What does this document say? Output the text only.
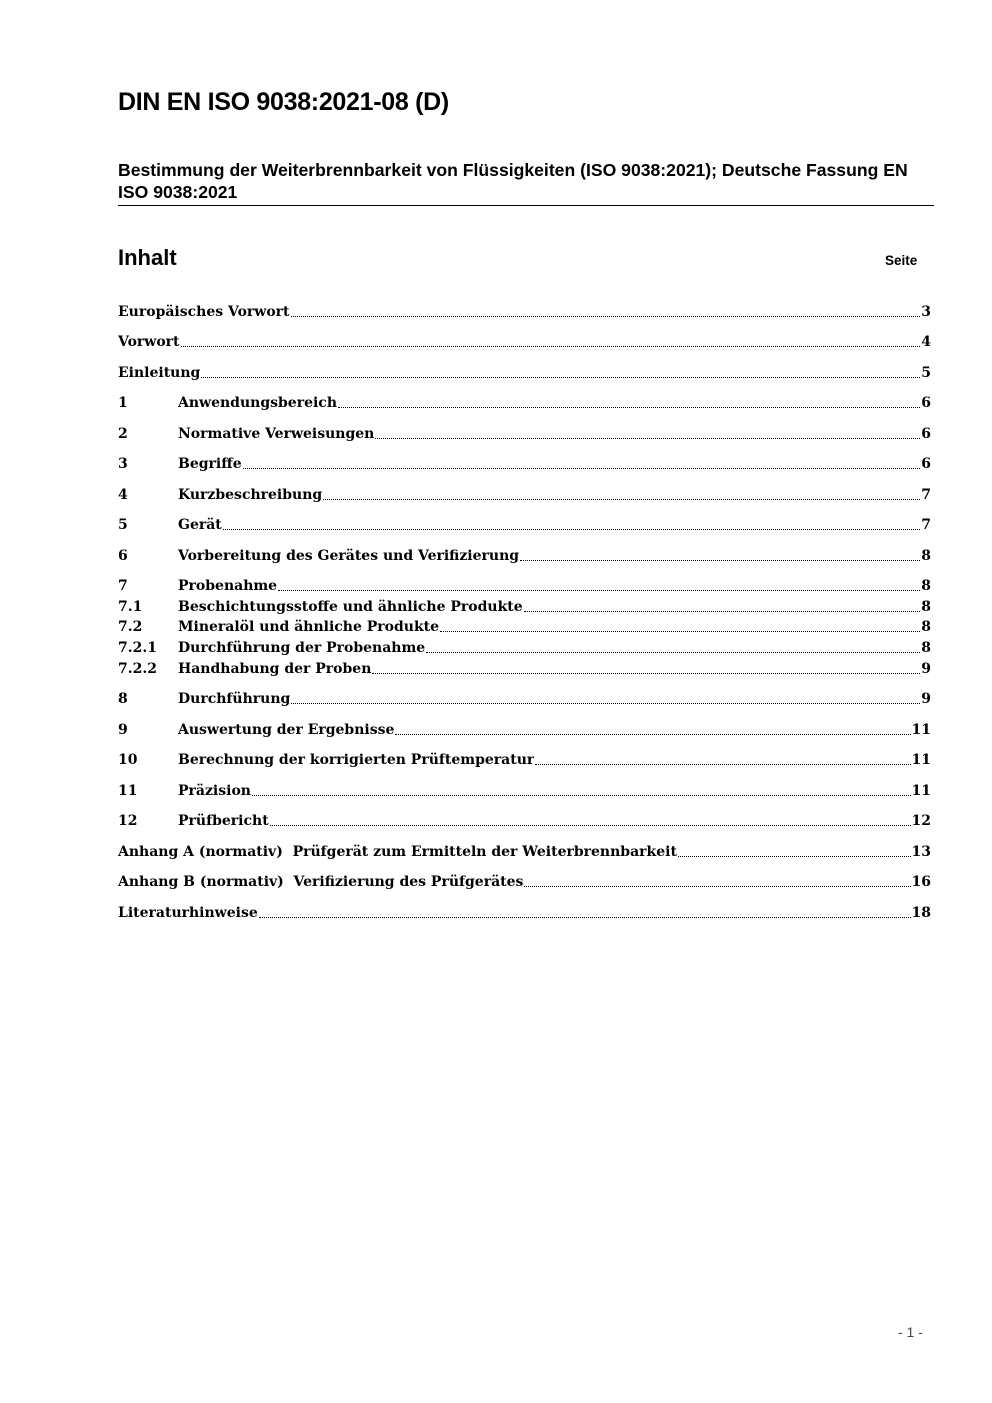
DIN EN ISO 9038:2021-08 (D)
Bestimmung der Weiterbrennbarkeit von Flüssigkeiten (ISO 9038:2021); Deutsche Fassung EN ISO 9038:2021
Inhalt	Seite
Europäisches Vorwort	3
Vorwort	4
Einleitung	5
1	Anwendungsbereich	6
2	Normative Verweisungen	6
3	Begriffe	6
4	Kurzbeschreibung	7
5	Gerät	7
6	Vorbereitung des Gerätes und Verifizierung	8
7	Probenahme	8
7.1	Beschichtungsstoffe und ähnliche Produkte	8
7.2	Mineralöl und ähnliche Produkte	8
7.2.1	Durchführung der Probenahme	8
7.2.2	Handhabung der Proben	9
8	Durchführung	9
9	Auswertung der Ergebnisse	11
10	Berechnung der korrigierten Prüftemperatur	11
11	Präzision	11
12	Prüfbericht	12
Anhang A (normativ)  Prüfgerät zum Ermitteln der Weiterbrennbarkeit	13
Anhang B (normativ)  Verifizierung des Prüfgerätes	16
Literaturhinweise	18
- 1 -
